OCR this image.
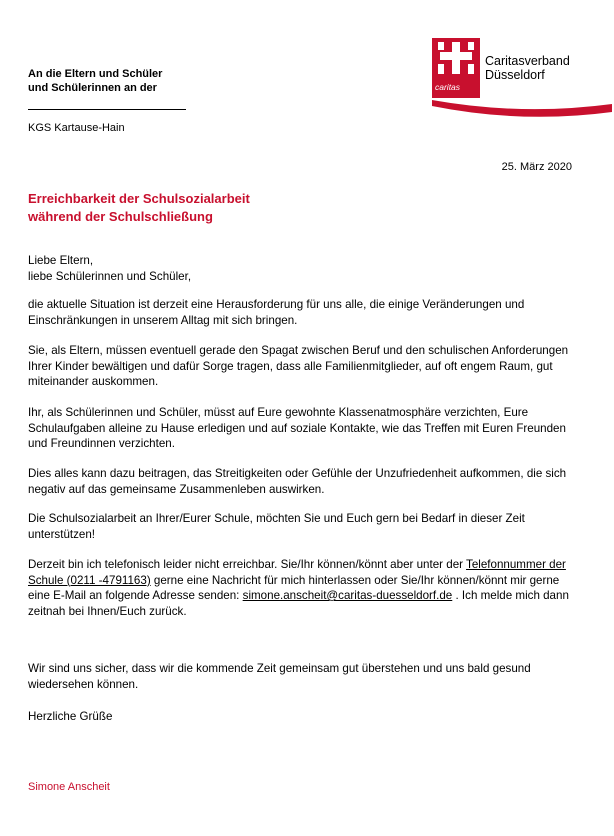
An die Eltern und Schüler
und Schülerinnen an der
KGS Kartause-Hain
caritas
Caritasverband
Düsseldorf
25. März 2020
Erreichbarkeit der Schulsozialarbeit
während der Schulschließung
Liebe Eltern,
liebe Schülerinnen und Schüler,

die aktuelle Situation ist derzeit eine Herausforderung für uns alle, die einige Veränderungen und Einschränkungen in unserem Alltag mit sich bringen.

Sie, als Eltern, müssen eventuell gerade den Spagat zwischen Beruf und den schulischen Anforderungen Ihrer Kinder bewältigen und dafür Sorge tragen, dass alle Familienmitglieder, auf oft engem Raum, gut miteinander auskommen.

Ihr, als Schülerinnen und Schüler, müsst auf Eure gewohnte Klassenatmosphäre verzichten, Eure Schulaufgaben alleine zu Hause erledigen und auf soziale Kontakte, wie das Treffen mit Euren Freunden und Freundinnen verzichten.

Dies alles kann dazu beitragen, das Streitigkeiten oder Gefühle der Unzufriedenheit aufkommen, die sich negativ auf das gemeinsame Zusammenleben auswirken.

Die Schulsozialarbeit an Ihrer/Eurer Schule, möchten Sie und Euch gern bei Bedarf in dieser Zeit unterstützen!

Derzeit bin ich telefonisch leider nicht erreichbar. Sie/Ihr können/könnt aber unter der Telefonnummer der Schule (0211 -4791163) gerne eine Nachricht für mich hinterlassen oder Sie/Ihr können/könnt mir gerne eine E-Mail an folgende Adresse senden: simone.anscheit@caritas-duesseldorf.de . Ich melde mich dann zeitnah bei Ihnen/Euch zurück.

Wir sind uns sicher, dass wir die kommende Zeit gemeinsam gut überstehen und uns bald gesund wiedersehen können.

Herzliche Grüße
Simone Anscheit
